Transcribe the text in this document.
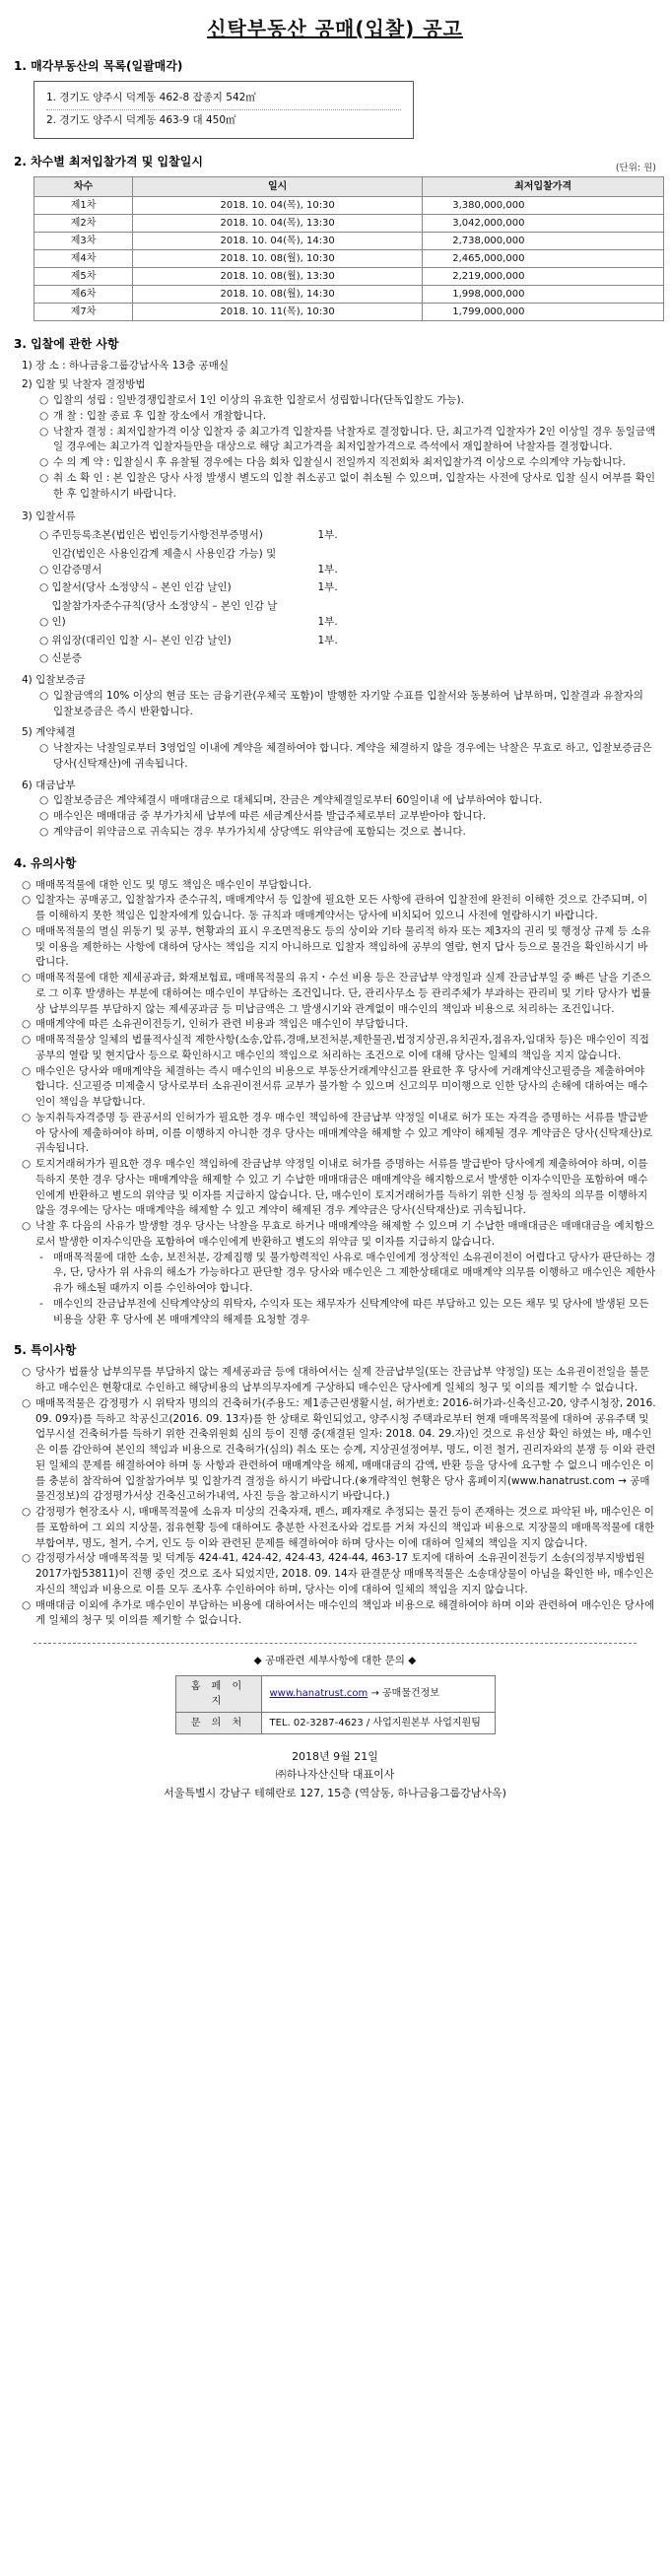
신탁부동산 공매(입찰) 공고
1. 매각부동산의 목록(일괄매각)
1. 경기도 양주시 덕계동 462-8 잡종지 542㎡
2. 경기도 양주시 덕계동 463-9 대 450㎡
2. 차수별 최저입찰가격 및 입찰일시
(단위: 원)
차수	일시	최저입찰가격
제1차	2018. 10. 04(목), 10:30	3,380,000,000
제2차	2018. 10. 04(목), 13:30	3,042,000,000
제3차	2018. 10. 04(목), 14:30	2,738,000,000
제4차	2018. 10. 08(월), 10:30	2,465,000,000
제5차	2018. 10. 08(월), 13:30	2,219,000,000
제6차	2018. 10. 08(월), 14:30	1,998,000,000
제7차	2018. 10. 11(목), 10:30	1,799,000,000
3. 입찰에 관한 사항
1) 장 소 : 하나금융그룹강남사옥 13층 공매실
2) 입찰 및 낙찰자 결정방법
○ 입찰의 성립 : 일반경쟁입찰로서 1인 이상의 유효한 입찰로서 성립합니다(단독입찰도 가능).
○ 개 찰 : 입찰 종료 후 입찰 장소에서 개찰합니다.
○ 낙찰자 결정 : 최저입찰가격 이상 입찰자 중 최고가격 입찰자를 낙찰자로 결정합니다. 단, 최고가격 입찰자가 2인 이상일 경우 동일금액일 경우에는 최고가격 입찰자들만을 대상으로 해당 최고가격을 최저입찰가격으로 즉석에서 재입찰하여 낙찰자를 결정합니다.
○ 수 의 계 약 : 입찰실시 후 유찰될 경우에는 다음 회차 입찰실시 전일까지 직전회차 최저입찰가격 이상으로 수의계약 가능합니다.
○ 취 소 확 인 : 본 입찰은 당사 사정 발생시 별도의 입찰 취소공고 없이 취소될 수 있으며, 입찰자는 사전에 당사로 입찰 실시 여부를 확인한 후 입찰하시기 바랍니다.
3) 입찰서류
○ 주민등록초본(법인은 법인등기사항전부증명서)	1부.
○ 인감(법인은 사용인감계 제출시 사용인감 가능) 및 인감증명서	1부.
○ 입찰서(당사 소정양식 – 본인 인감 날인)	1부.
○ 입찰참가자준수규칙(당사 소정양식 – 본인 인감 날인)	1부.
○ 위임장(대리인 입찰 시– 본인 인감 날인)	1부.
○ 신분증
4) 입찰보증금
○ 입찰금액의 10% 이상의 현금 또는 금융기관(우체국 포함)이 발행한 자기앞 수표를 입찰서와 동봉하여 납부하며, 입찰결과 유찰자의 입찰보증금은 즉시 반환합니다.
5) 계약체결
○ 낙찰자는 낙찰일로부터 3영업일 이내에 계약을 체결하여야 합니다. 계약을 체결하지 않을 경우에는 낙찰은 무효로 하고, 입찰보증금은 당사(신탁재산)에 귀속됩니다.
6) 대금납부
○ 입찰보증금은 계약체결시 매매대금으로 대체되며, 잔금은 계약체결일로부터 60일이내 에 납부하여야 합니다.
○ 매수인은 매매대금 중 부가가치세 납부에 따른 세금계산서를 발급주체로부터 교부받아야 합니다.
○ 계약금이 위약금으로 귀속되는 경우 부가가치세 상당액도 위약금에 포함되는 것으로 봅니다.
4. 유의사항
○ 매매목적물에 대한 인도 및 명도 책임은 매수인이 부담합니다.
○ 입찰자는 공매공고, 입찰참가자 준수규칙, 매매계약서 등 입찰에 필요한 모든 사항에 관하여 입찰전에 완전히 이해한 것으로 간주되며, 이를 이해하지 못한 책임은 입찰자에게 있습니다. 동 규칙과 매매계약서는 당사에 비치되어 있으니 사전에 열람하시기 바랍니다.
○ 매매목적물의 멸실 위동기 및 공부, 현황과의 표시 우조면적용도 등의 상이와 기타 물리적 하자 또는 제3자의 권리 및 행정상 규제 등 소유 및 이용을 제한하는 사항에 대하여 당사는 책임을 지지 아니하므로 입찰자 책임하에 공부의 열람, 현지 답사 등으로 물건을 확인하시기 바랍니다.
○ 매매목적물에 대한 제세공과금, 화재보험료, 매매목적물의 유지・수선 비용 등은 잔금납부 약정일과 실제 잔금납부일 중 빠른 날을 기준으로 그 이후 발생하는 부분에 대하여는 매수인이 부담하는 조건입니다. 단, 관리사무소 등 관리주체가 부과하는 관리비 및 기타 당사가 법률상 납부의무를 부담하지 않는 제세공과금 등 미납금액은 그 발생시기와 관계없이 매수인의 책임과 비용으로 처리하는 조건입니다.
○ 매매계약에 따른 소유권이전등기, 인허가 관련 비용과 책임은 매수인이 부담합니다.
○ 매매목적물상 일체의 법률적사실적 제한사항(소송,압류,경매,보전처분,제한물권,법정지상권,유치권자,점유자,임대차 등)은 매수인이 직접 공부의 열람 및 현지답사 등으로 확인하시고 매수인의 책임으로 처리하는 조건으로 이에 대해 당사는 일체의 책임을 지지 않습니다.
○ 매수인은 당사와 매매계약을 체결하는 즉시 매수인의 비용으로 부동산거래계약신고를 완료한 후 당사에 거래계약신고필증을 제출하여야 합니다. 신고필증 미제출시 당사로부터 소유권이전서류 교부가 불가할 수 있으며 신고의무 미이행으로 인한 당사의 손해에 대하여는 매수인이 책임을 부담합니다.
○ 농지취득자격증명 등 관공서의 인허가가 필요한 경우 매수인 책임하에 잔금납부 약정일 이내로 허가 또는 자격을 증명하는 서류를 발급받아 당사에 제출하여야 하며, 이를 이행하지 아니한 경우 당사는 매매계약을 해제할 수 있고 계약이 해제될 경우 계약금은 당사(신탁재산)로 귀속됩니다.
○ 토지거래허가가 필요한 경우 매수인 책임하에 잔금납부 약정일 이내로 허가를 증명하는 서류를 발급받아 당사에게 제출하여야 하며, 이를 득하지 못한 경우 당사는 매매계약을 해제할 수 있고 기 수납한 매매대금은 매매계약을 해지함으로서 발생한 이자수익만을 포함하여 매수인에게 반환하고 별도의 위약금 및 이자를 지급하지 않습니다. 단, 매수인이 토지거래허가를 득하기 위한 신청 등 절차의 의무를 이행하지 않을 경우에는 당사는 매매계약을 해제할 수 있고 계약이 해제된 경우 계약금은 당사(신탁재산)로 귀속됩니다.
○ 낙찰 후 다음의 사유가 발생할 경우 당사는 낙찰을 무효로 하거나 매매계약을 해제할 수 있으며 기 수납한 매매대금은 매매대금을 예치함으로서 발생한 이자수익만을 포함하여 매수인에게 반환하고 별도의 위약금 및 이자를 지급하지 않습니다.
- 매매목적물에 대한 소송, 보전처분, 강제집행 및 불가항력적인 사유로 매수인에게 정상적인 소유권이전이 어렵다고 당사가 판단하는 경우, 단, 당사가 위 사유의 해소가 가능하다고 판단할 경우 당사와 매수인은 그 제한상태대로 매매계약 의무를 이행하고 매수인은 제한사유가 해소될 때까지 이를 수인하여야 합니다.
- 매수인의 잔금납부전에 신탁계약상의 위탁자, 수익자 또는 채무자가 신탁계약에 따른 부담하고 있는 모든 채무 및 당사에 발생된 모든 비용을 상환 후 당사에 본 매매계약의 해제를 요청할 경우
5. 특이사항
○ 당사가 법률상 납부의무를 부담하지 않는 제세공과금 등에 대하여서는 실제 잔금납부일(또는 잔금납부 약정일) 또는 소유권이전일을 불문하고 매수인은 현황대로 수인하고 해당비용의 납부의무자에게 구상하되 매수인은 당사에게 일체의 청구 및 이의를 제기할 수 없습니다.
○ 매매목적물은 감정평가 시 위탁자 명의의 건축허가(주용도: 제1종근린생활시설, 허가번호: 2016-허가과-신축신고-20, 양주시청장, 2016. 09. 09자)를 득하고 착공신고(2016. 09. 13자)를 한 상태로 확인되었고, 양주시청 주택과로부터 현재 매매목적물에 대하여 공유주택 및 업무시설 건축허가를 득하기 위한 건축위원회 심의 등이 진행 중(재결된 일자: 2018. 04. 29.자)인 것으로 유선상 확인 하였는 바, 매수인은 이를 감안하여 본인의 책임과 비용으로 건축허가(심의) 취소 또는 승계, 지상권설정여부, 명도, 이전 철거, 권리자와의 분쟁 등 이와 관련된 일체의 문제를 해결하여야 하며 동 사항과 관련하여 매매계약을 해제, 매매대금의 감액, 반환 등을 당사에 요구할 수 없으니 매수인은 이를 충분히 참작하여 입찰참가여부 및 입찰가격 결정을 하시기 바랍니다.(※개략적인 현황은 당사 홈페이지(www.hanatrust.com → 공매물건정보)의 감정평가서상 건축신고허가내역, 사진 등을 참고하시기 바랍니다.)
○ 감정평가 현장조사 시, 매매목적물에 소유자 미상의 건축자재, 펜스, 폐자재로 추정되는 물건 등이 존재하는 것으로 파악된 바, 매수인은 이를 포함하여 그 외의 지상물, 점유현황 등에 대하여도 충분한 사전조사와 검토를 거쳐 자신의 책임과 비용으로 지장물의 매매목적물에 대한 부합여부, 명도, 철거, 수거, 인도 등 이와 관련된 문제를 해결하여야 하며 당사는 이에 대하여 일체의 책임을 지지 않습니다.
○ 감정평가서상 매매목적물 및 덕계동 424-41, 424-42, 424-43, 424-44, 463-17 토지에 대하여 소유권이전등기 소송(의정부지방법원 2017가합53811)이 진행 중인 것으로 조사 되었지만, 2018. 09. 14자 판결문상 매매목적물은 소송대상물이 아님을 확인한 바, 매수인은 자신의 책임과 비용으로 이를 모두 조사후 수인하여야 하며, 당사는 이에 대하여 일체의 책임을 지지 않습니다.
○ 매매대금 이외에 추가로 매수인이 부담하는 비용에 대하여서는 매수인의 책임과 비용으로 해결하여야 하며 이와 관련하여 매수인은 당사에게 일체의 청구 및 이의를 제기할 수 없습니다.
◆ 공매관련 세부사항에 대한 문의 ◆
홈 페 이 지	www.hanatrust.com → 공매물건정보
문 의 처	TEL. 02-3287-4623 / 사업지원본부 사업지원팀
2018년 9월 21일
㈜하나자산신탁 대표이사
서울특별시 강남구 테헤란로 127, 15층 (역삼동, 하나금융그룹강남사옥)
